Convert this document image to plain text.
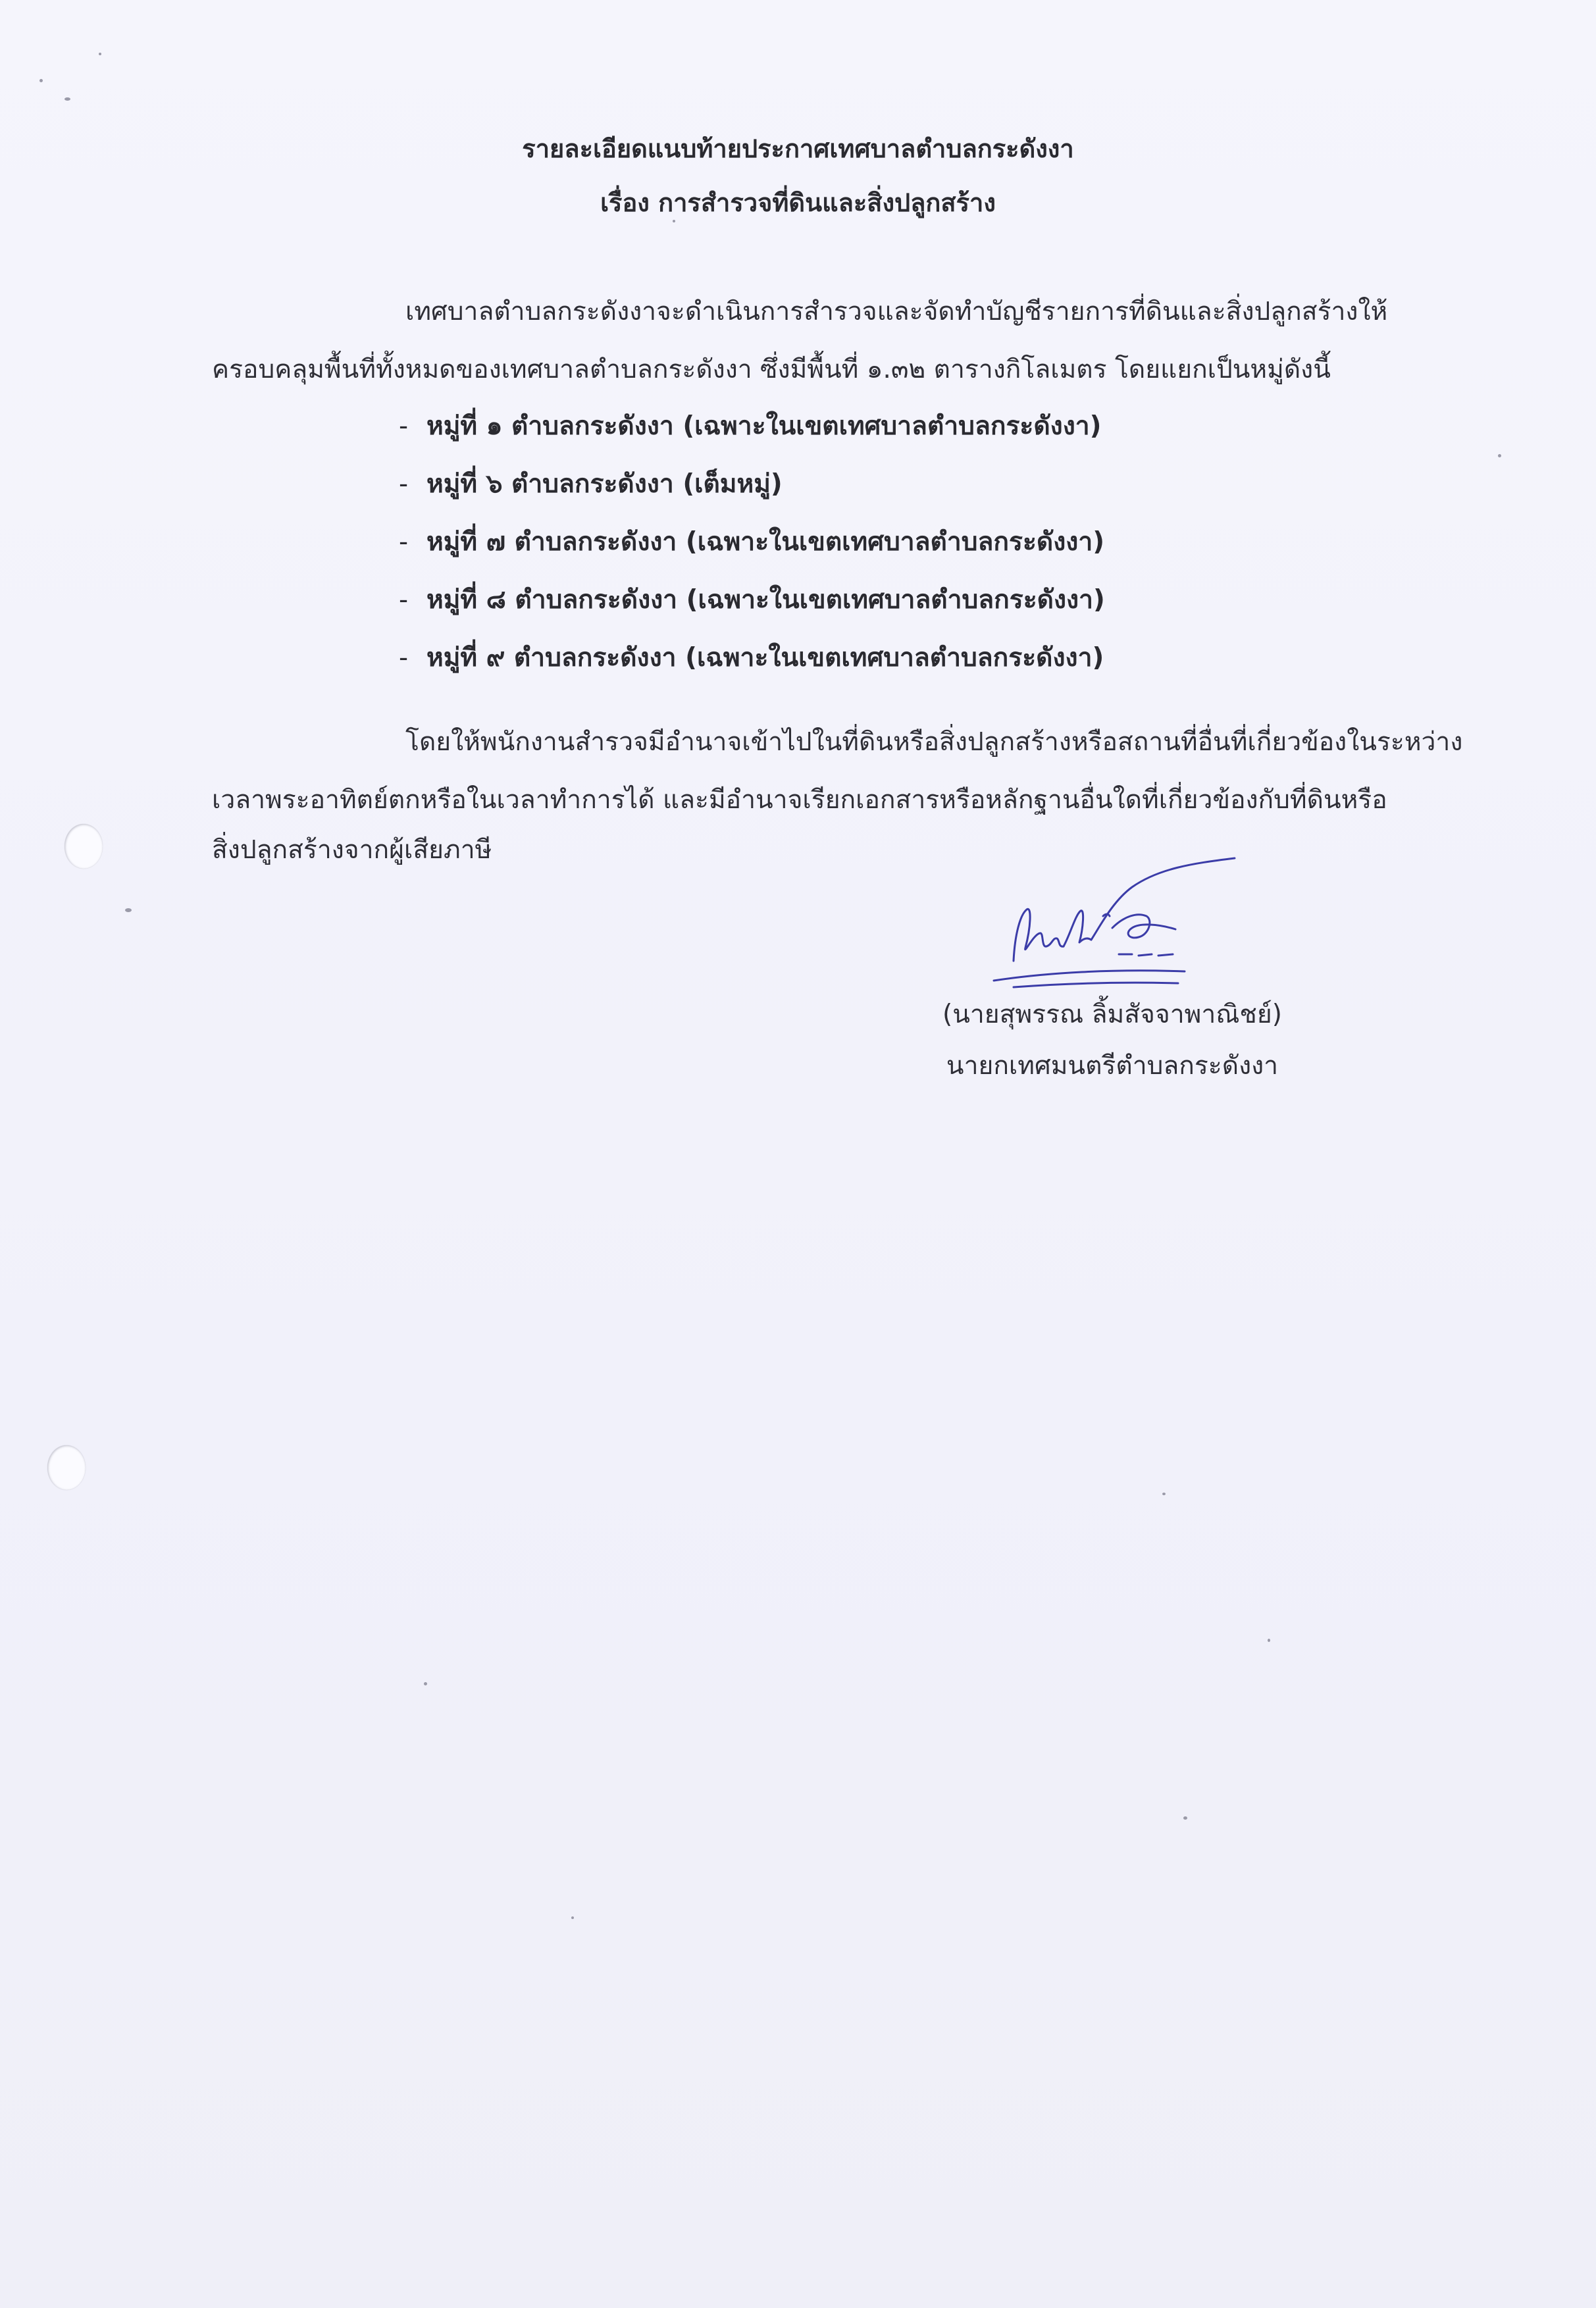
รายละเอียดแนบท้ายประกาศเทศบาลตำบลกระดังงา
เรื่อง การสำรวจที่ดินและสิ่งปลูกสร้าง
เทศบาลตำบลกระดังงาจะดำเนินการสำรวจและจัดทำบัญชีรายการที่ดินและสิ่งปลูกสร้างให้
ครอบคลุมพื้นที่ทั้งหมดของเทศบาลตำบลกระดังงา ซึ่งมีพื้นที่ ๑.๓๒ ตารางกิโลเมตร โดยแยกเป็นหมู่ดังนี้
- หมู่ที่ ๑ ตำบลกระดังงา (เฉพาะในเขตเทศบาลตำบลกระดังงา)
- หมู่ที่ ๖ ตำบลกระดังงา (เต็มหมู่)
- หมู่ที่ ๗ ตำบลกระดังงา (เฉพาะในเขตเทศบาลตำบลกระดังงา)
- หมู่ที่ ๘ ตำบลกระดังงา (เฉพาะในเขตเทศบาลตำบลกระดังงา)
- หมู่ที่ ๙ ตำบลกระดังงา (เฉพาะในเขตเทศบาลตำบลกระดังงา)
โดยให้พนักงานสำรวจมีอำนาจเข้าไปในที่ดินหรือสิ่งปลูกสร้างหรือสถานที่อื่นที่เกี่ยวข้องในระหว่าง
เวลาพระอาทิตย์ตกหรือในเวลาทำการได้ และมีอำนาจเรียกเอกสารหรือหลักฐานอื่นใดที่เกี่ยวข้องกับที่ดินหรือ
สิ่งปลูกสร้างจากผู้เสียภาษี
(นายสุพรรณ ลิ้มสัจจาพาณิชย์)
นายกเทศมนตรีตำบลกระดังงา
